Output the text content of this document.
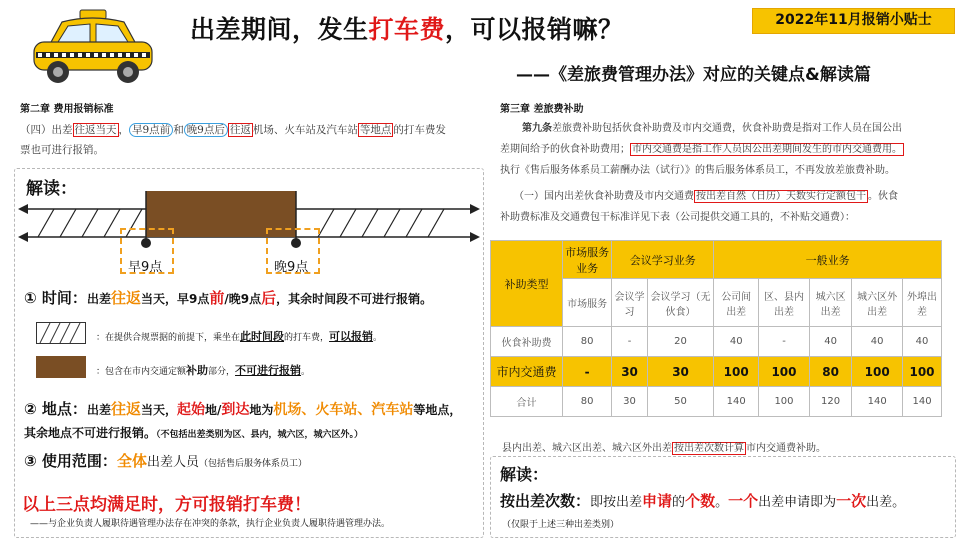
出差期间，发生打车费，可以报销嘛？
——《差旅费管理办法》对应的关键点&解读篇
2022年11月报销小贴士
第二章 费用报销标准
（四）出差 往返当天 ， 早9点前 和 晚9点后 往返 机场、火车站及汽车站 等地点 的打车费发
票也可进行报销。
解读：
早9点	晚9点
① 时间：出差往返当天，早9点前/晚9点后，其余时间段不可进行报销。
：在提供合规票据的前提下，乘坐在此时间段的打车费，可以报销。
：包含在市内交通定额补助部分，不可进行报销。
② 地点：出差往返当天，起始地/到达地为机场、火车站、汽车站等地点，
其余地点不可进行报销。（不包括出差类别为区、县内，城六区，城六区外。）
③ 使用范围：全体出差人员（包括售后服务体系员工）
以上三点均满足时，方可报销打车费！
——与企业负责人履职待遇管理办法存在冲突的条款，执行企业负责人履职待遇管理办法。
第三章 差旅费补助
第九条差旅费补助包括伙食补助费及市内交通费，伙食补助费是指对工作人员在国公出
差期间给予的伙食补助费用； 市内交通费是指工作人员因公出差期间发生的市内交通费用。
执行《售后服务体系员工薪酬办法（试行）》的售后服务体系员工，不再发放差旅费补助。
（一）国内出差伙食补助费及市内交通费 按出差自然（日历）天数实行定额包干 。伙食
补助费标准及交通费包干标准详见下表（公司提供交通工具的，不补贴交通费）：
补助类型	市场服务业务	会议学习业务		一般业务				
	市场服务	会议学习	会议学习（无伙食）	公司间出差	区、县内出差	城六区出差	城六区外出差	外埠出差
伙食补助费	80	-	20	40	-	40	40	40
市内交通费	-	30	30	100	100	80	100	100
合计	80	30	50	140	100	120	140	140
县内出差、城六区出差、城六区外出差 按出差次数计算 市内交通费补助。
解读：
按出差次数：即按出差申请的个数。一个出差申请即为一次出差。
（仅限于上述三种出差类别）
